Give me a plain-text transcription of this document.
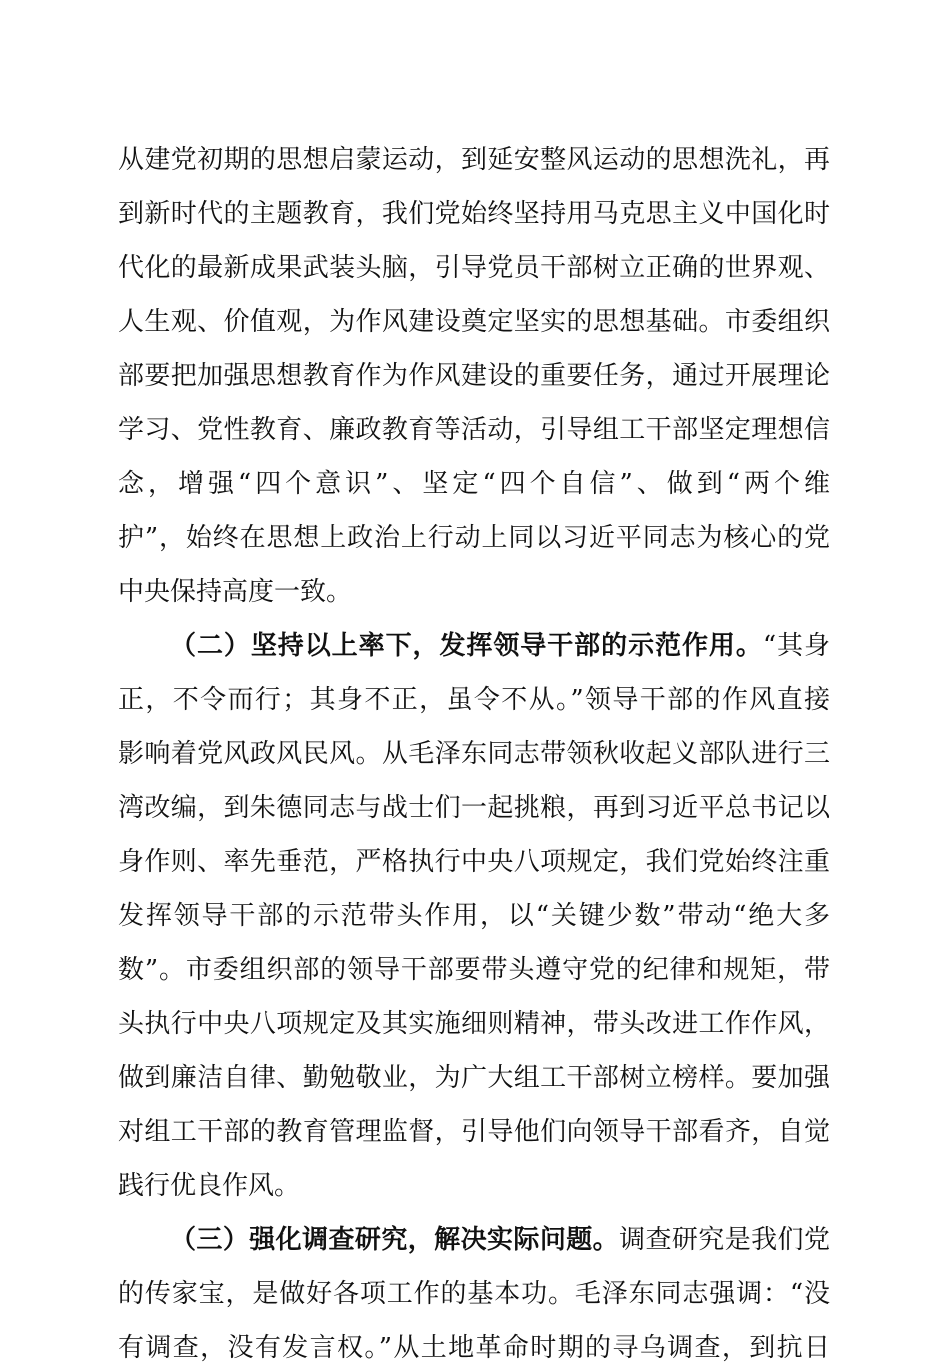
从建党初期的思想启蒙运动，到延安整风运动的思想洗礼，再
到新时代的主题教育，我们党始终坚持用马克思主义中国化时
代化的最新成果武装头脑，引导党员干部树立正确的世界观、
人生观、价值观，为作风建设奠定坚实的思想基础。市委组织
部要把加强思想教育作为作风建设的重要任务，通过开展理论
学习、党性教育、廉政教育等活动，引导组工干部坚定理想信
念，增强“四个意识”、坚定“四个自信”、做到“两个维
护”，始终在思想上政治上行动上同以习近平同志为核心的党
中央保持高度一致。
（二）坚持以上率下，发挥领导干部的示范作用。“其身
正，不令而行；其身不正，虽令不从。”领导干部的作风直接
影响着党风政风民风。从毛泽东同志带领秋收起义部队进行三
湾改编，到朱德同志与战士们一起挑粮，再到习近平总书记以
身作则、率先垂范，严格执行中央八项规定，我们党始终注重
发挥领导干部的示范带头作用，以“关键少数”带动“绝大多
数”。市委组织部的领导干部要带头遵守党的纪律和规矩，带
头执行中央八项规定及其实施细则精神，带头改进工作作风，
做到廉洁自律、勤勉敬业，为广大组工干部树立榜样。要加强
对组工干部的教育管理监督，引导他们向领导干部看齐，自觉
践行优良作风。
（三）强化调查研究，解决实际问题。调查研究是我们党
的传家宝，是做好各项工作的基本功。毛泽东同志强调：“没
有调查，没有发言权。”从土地革命时期的寻乌调查，到抗日
